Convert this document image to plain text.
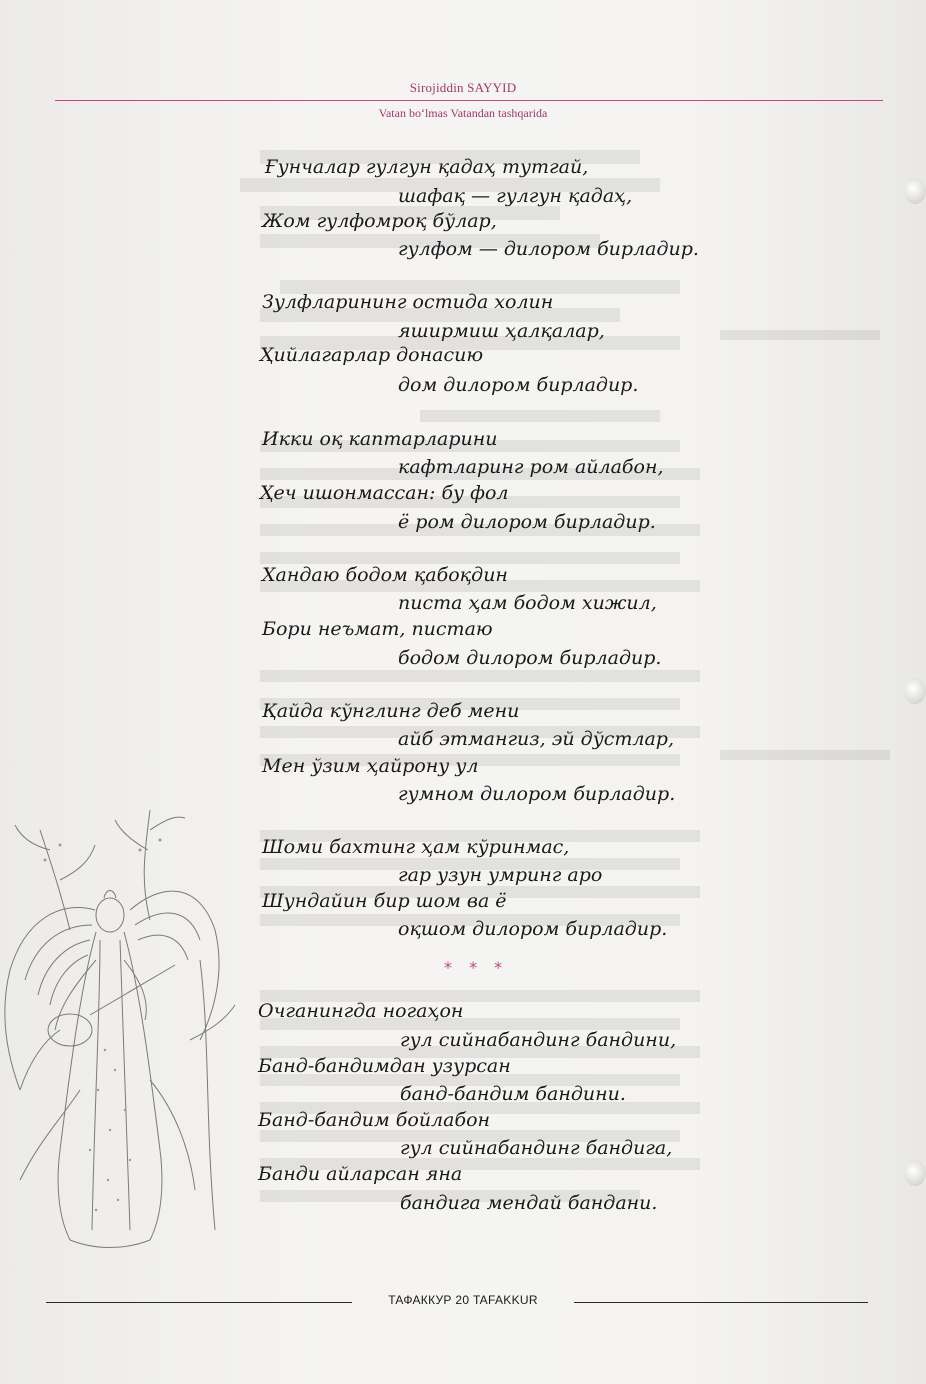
Sirojiddin SAYYID
Vatan bo‘lmas Vatandan tashqarida
Ғунчалар гулгун қадаҳ тутгай,
шафақ — гулгун қадаҳ,
Жом гулфомроқ бўлар,
гулфом — дилором бирладир.
Зулфларининг остида холин
яширмиш ҳалқалар,
Ҳийлагарлар донасию
дом дилором бирладир.
Икки оқ каптарларини
кафтларинг ром айлабон,
Ҳеч ишонмассан: бу фол
ё ром дилором бирладир.
Хандаю бодом қабоқдин
писта ҳам бодом хижил,
Бори неъмат, пистаю
бодом дилором бирладир.
Қайда кўнглинг деб мени
айб этмангиз, эй дўстлар,
Мен ўзим ҳайрону ул
гумном дилором бирладир.
Шоми бахтинг ҳам кўринмас,
гар узун умринг аро
Шундайин бир шом ва ё
оқшом дилором бирладир.
* * *
Очганингда ногаҳон
гул сийнабандинг бандини,
Банд-бандимдан узурсан
банд-бандим бандини.
Банд-бандим бойлабон
гул сийнабандинг бандига,
Банди айларсан яна
бандига мендай бандани.
ТАФАККУР 20 TAFAKKUR
